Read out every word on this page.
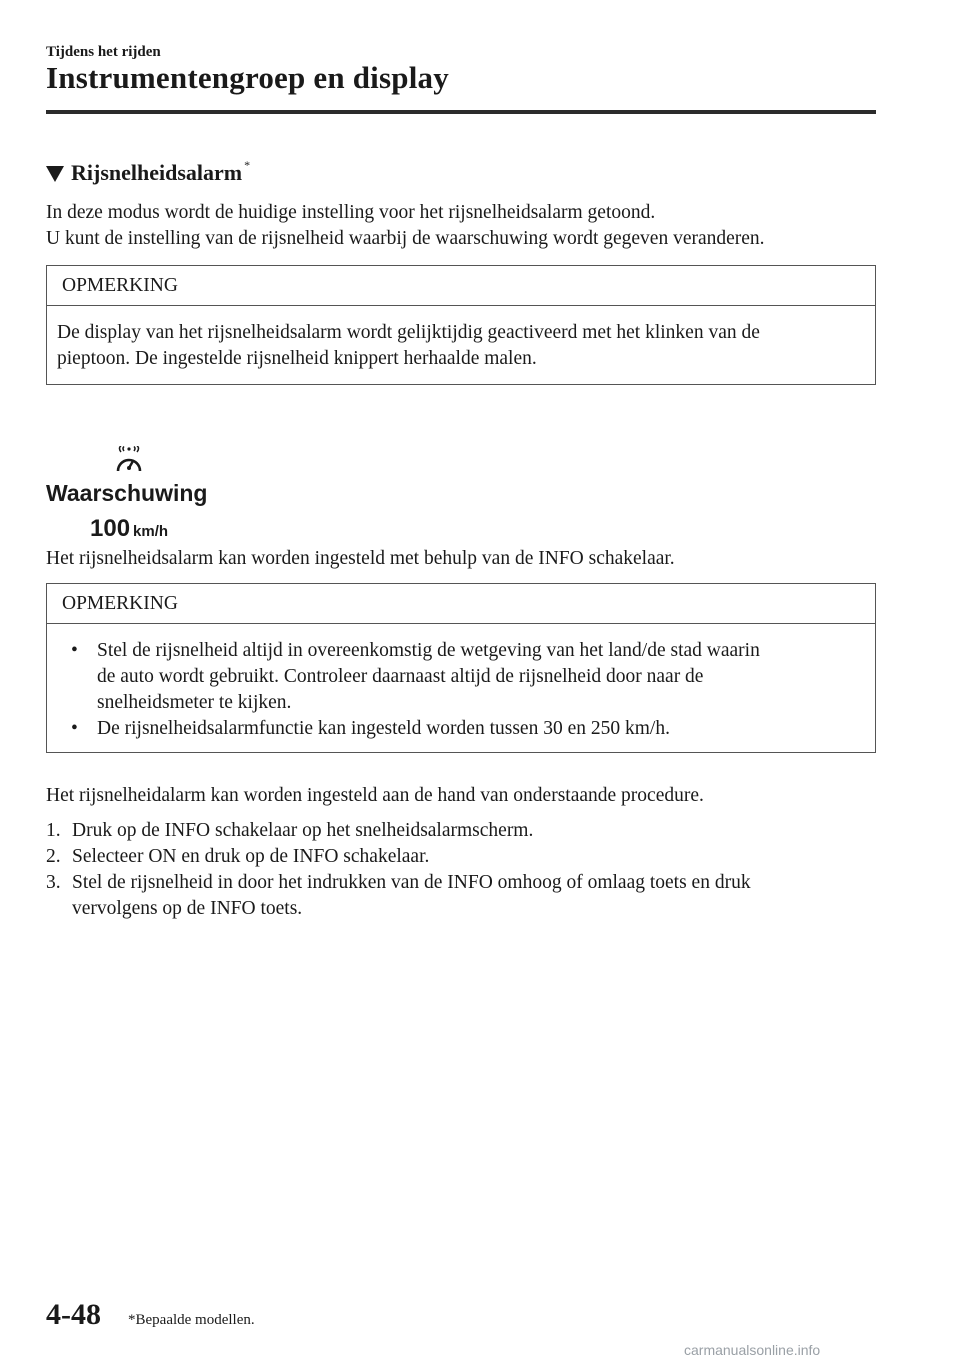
Tijdens het rijden
Instrumentengroep en display
Rijsnelheidsalarm *
In deze modus wordt de huidige instelling voor het rijsnelheidsalarm getoond.
U kunt de instelling van de rijsnelheid waarbij de waarschuwing wordt gegeven veranderen.
OPMERKING
De display van het rijsnelheidsalarm wordt gelijktijdig geactiveerd met het klinken van de
pieptoon. De ingestelde rijsnelheid knippert herhaalde malen.
Waarschuwing
100 km/h
Het rijsnelheidsalarm kan worden ingesteld met behulp van de INFO schakelaar.
OPMERKING
• Stel de rijsnelheid altijd in overeenkomstig de wetgeving van het land/de stad waarin
de auto wordt gebruikt. Controleer daarnaast altijd de rijsnelheid door naar de
snelheidsmeter te kijken.
• De rijsnelheidsalarmfunctie kan ingesteld worden tussen 30 en 250 km/h.
Het rijsnelheidalarm kan worden ingesteld aan de hand van onderstaande procedure.
1. Druk op de INFO schakelaar op het snelheidsalarmscherm.
2. Selecteer ON en druk op de INFO schakelaar.
3. Stel de rijsnelheid in door het indrukken van de INFO omhoog of omlaag toets en druk
vervolgens op de INFO toets.
4-48 *Bepaalde modellen.
carmanualsonline.info
